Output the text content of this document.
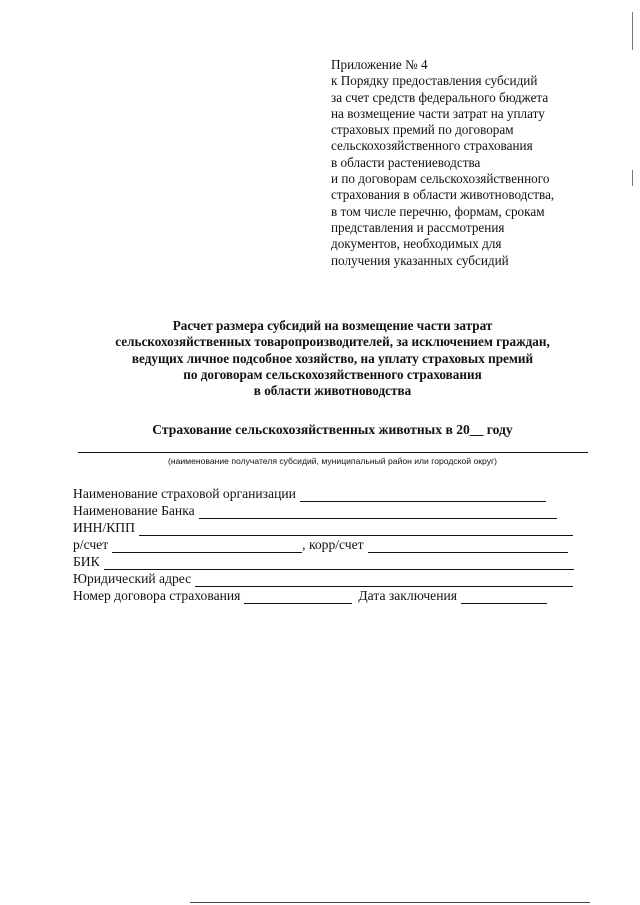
Приложение № 4
к Порядку предоставления субсидий
за счет средств федерального бюджета
на возмещение части затрат на уплату
страховых премий по договорам
сельскохозяйственного страхования
в области растениеводства
и по договорам сельскохозяйственного
страхования в области животноводства,
в том числе перечню, формам, срокам
представления и рассмотрения
документов, необходимых для
получения указанных субсидий
Расчет размера субсидий на возмещение части затрат
сельскохозяйственных товаропроизводителей, за исключением граждан,
ведущих личное подсобное хозяйство, на уплату страховых премий
по договорам сельскохозяйственного страхования
в области животноводства
Страхование сельскохозяйственных животных в 20__ году
(наименование получателя субсидий, муниципальный район или городской округ)
Наименование страховой организации
Наименование Банка
ИНН/КПП
р/счет	, корр/счет
БИК
Юридический адрес
Номер договора страхования	Дата заключения
